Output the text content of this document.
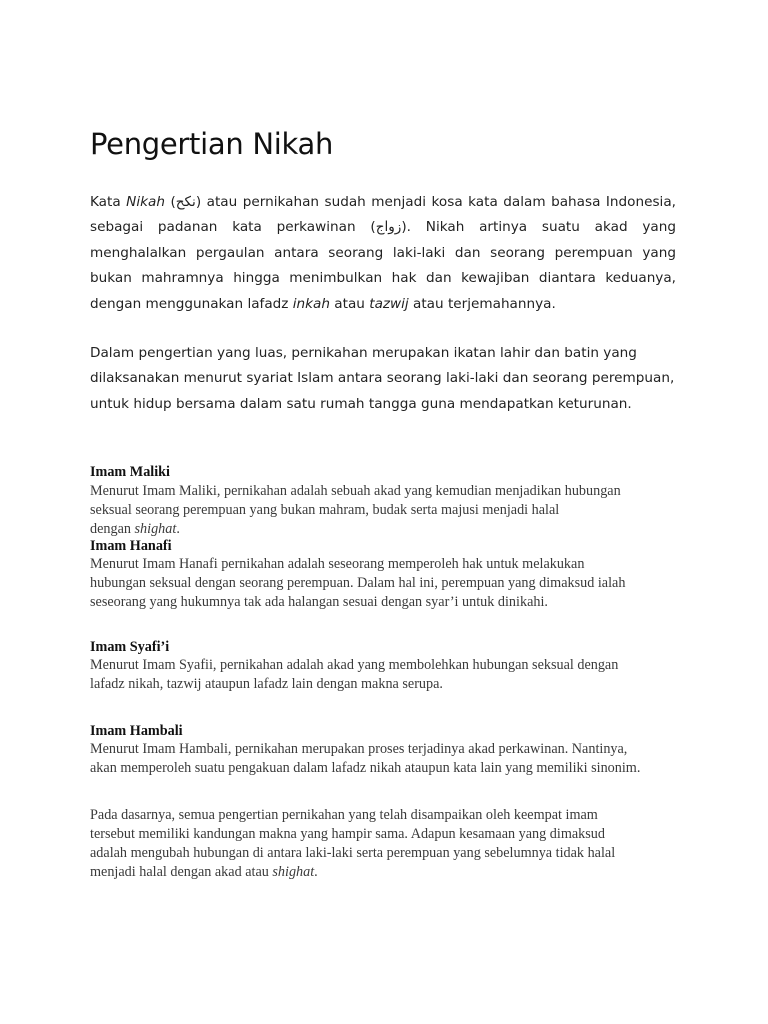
Pengertian Nikah

Kata Nikah (نكح) atau pernikahan sudah menjadi kosa kata dalam bahasa Indonesia, sebagai padanan kata perkawinan (زواج). Nikah artinya suatu akad yang menghalalkan pergaulan antara seorang laki-laki dan seorang perempuan yang bukan mahramnya hingga menimbulkan hak dan kewajiban diantara keduanya, dengan menggunakan lafadz inkah atau tazwij atau terjemahannya.

Dalam pengertian yang luas, pernikahan merupakan ikatan lahir dan batin yang dilaksanakan menurut syariat Islam antara seorang laki-laki dan seorang perempuan, untuk hidup bersama dalam satu rumah tangga guna mendapatkan keturunan.

Imam Maliki

Menurut Imam Maliki, pernikahan adalah sebuah akad yang kemudian menjadikan hubungan
seksual seorang perempuan yang bukan mahram, budak serta majusi menjadi halal
dengan shighat.

Imam Hanafi

Menurut Imam Hanafi pernikahan adalah seseorang memperoleh hak untuk melakukan
hubungan seksual dengan seorang perempuan. Dalam hal ini, perempuan yang dimaksud ialah
seseorang yang hukumnya tak ada halangan sesuai dengan syar’i untuk dinikahi.

Imam Syafi’i

Menurut Imam Syafii, pernikahan adalah akad yang membolehkan hubungan seksual dengan
lafadz nikah, tazwij ataupun lafadz lain dengan makna serupa.

Imam Hambali

Menurut Imam Hambali, pernikahan merupakan proses terjadinya akad perkawinan. Nantinya,
akan memperoleh suatu pengakuan dalam lafadz nikah ataupun kata lain yang memiliki sinonim.

Pada dasarnya, semua pengertian pernikahan yang telah disampaikan oleh keempat imam
tersebut memiliki kandungan makna yang hampir sama. Adapun kesamaan yang dimaksud
adalah mengubah hubungan di antara laki-laki serta perempuan yang sebelumnya tidak halal
menjadi halal dengan akad atau shighat.
